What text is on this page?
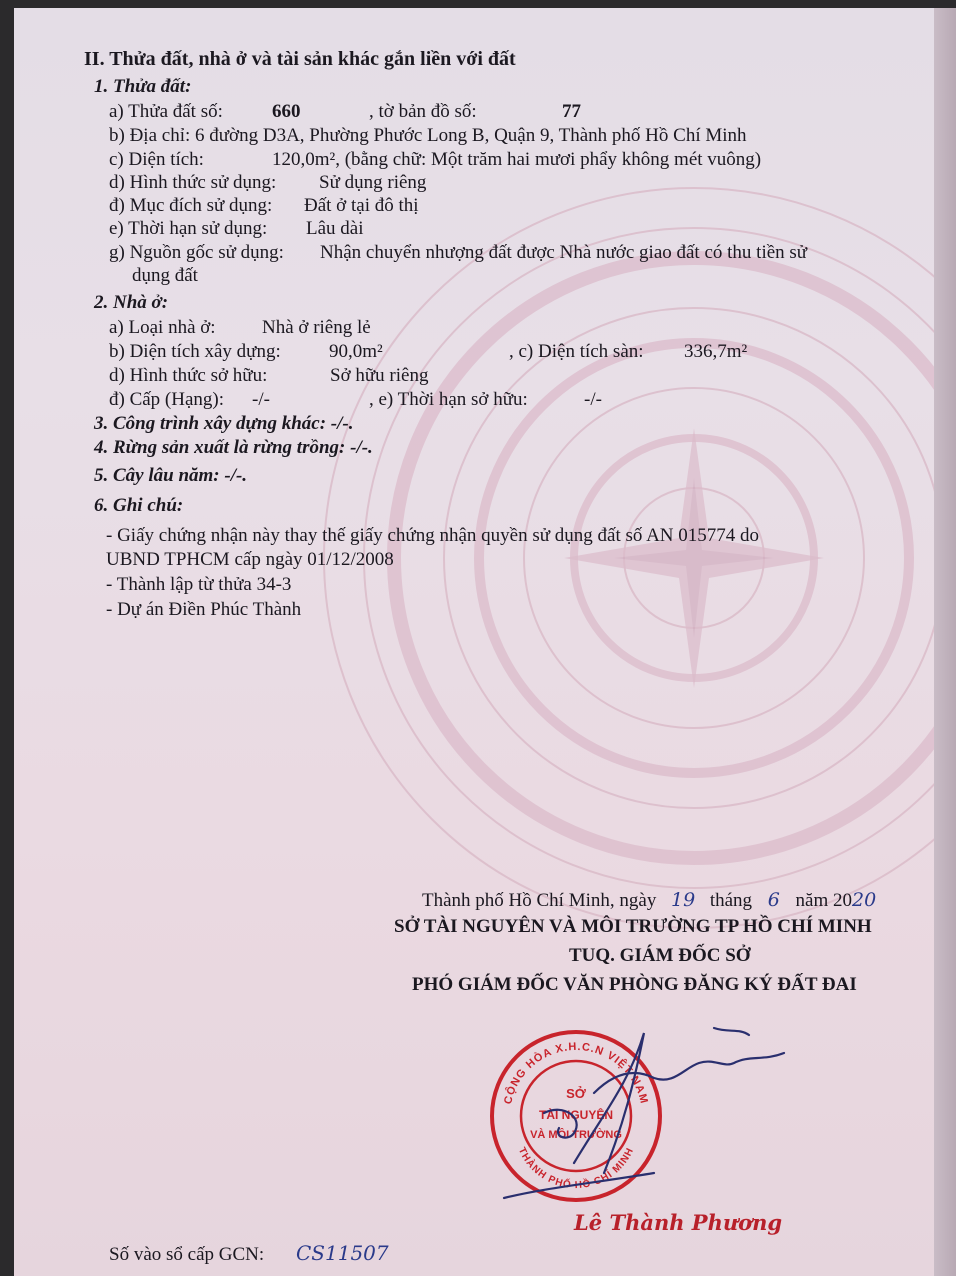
II. Thửa đất, nhà ở và tài sản khác gắn liền với đất
1. Thửa đất:
a) Thửa đất số:	660	, tờ bản đồ số:	77
b) Địa chỉ: 6 đường D3A, Phường Phước Long B, Quận 9, Thành phố Hồ Chí Minh
c) Diện tích:	120,0m², (bằng chữ: Một trăm hai mươi phẩy không mét vuông)
d) Hình thức sử dụng: Sử dụng riêng
đ) Mục đích sử dụng: Đất ở tại đô thị
e) Thời hạn sử dụng: Lâu dài
g) Nguồn gốc sử dụng: Nhận chuyển nhượng đất được Nhà nước giao đất có thu tiền sử
dụng đất
2. Nhà ở:
a) Loại nhà ở: Nhà ở riêng lẻ
b) Diện tích xây dựng:	90,0m²	, c) Diện tích sàn: 336,7m²
d) Hình thức sở hữu:	Sở hữu riêng
đ) Cấp (Hạng): -/-	, e) Thời hạn sở hữu:	-/-
3. Công trình xây dựng khác: -/-.
4. Rừng sản xuất là rừng trồng: -/-.
5. Cây lâu năm: -/-.
6. Ghi chú:
- Giấy chứng nhận này thay thế giấy chứng nhận quyền sử dụng đất số AN 015774 do
UBND TPHCM cấp ngày 01/12/2008
- Thành lập từ thửa 34-3
- Dự án Điền Phúc Thành
Thành phố Hồ Chí Minh, ngày 19 tháng 6 năm 2020
SỞ TÀI NGUYÊN VÀ MÔI TRƯỜNG TP HỒ CHÍ MINH
TUQ. GIÁM ĐỐC SỞ
PHÓ GIÁM ĐỐC VĂN PHÒNG ĐĂNG KÝ ĐẤT ĐAI
CỘNG HÒA X.H.C.N VIỆT NAM
THÀNH PHỐ HỒ CHÍ MINH
SỞ
TÀI NGUYÊN
VÀ MÔI TRƯỜNG
Lê Thành Phương
Số vào sổ cấp GCN: CS11507
